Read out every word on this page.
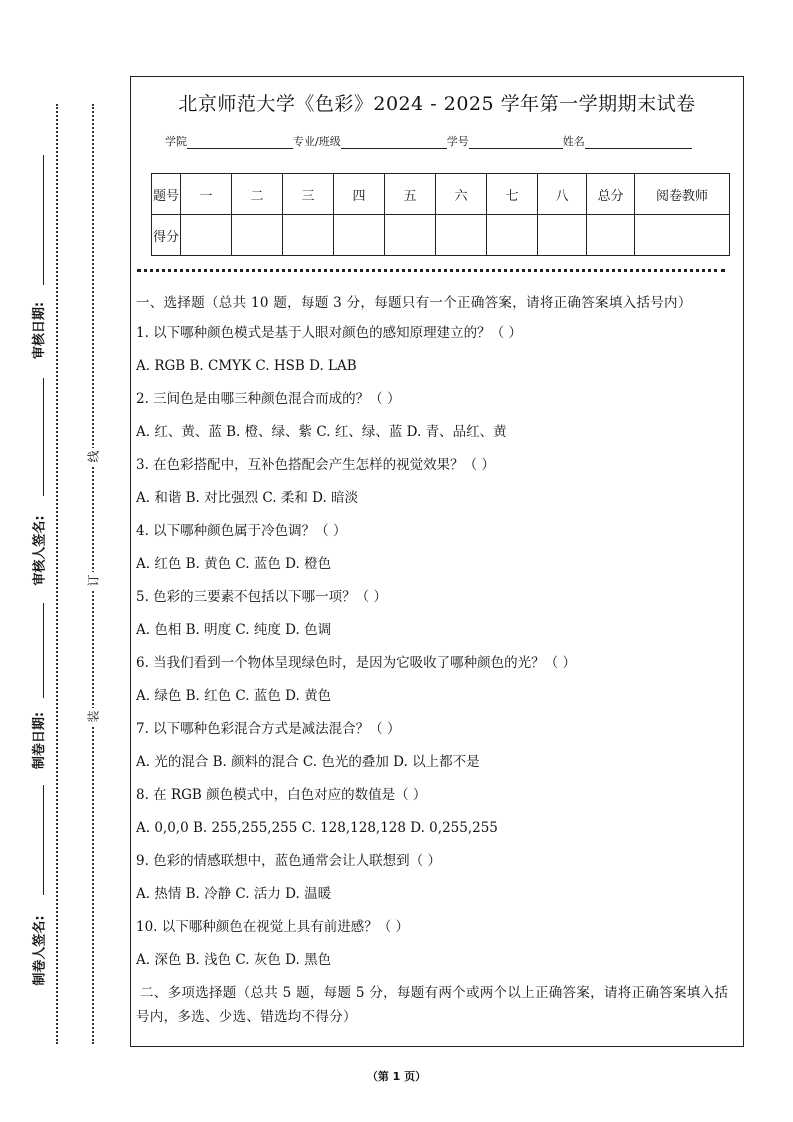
审核日期:
审核人签名:
制卷日期:
制卷人签名:
线
订
装
北京师范大学《色彩》2024 - 2025 学年第一学期期末试卷
学院	专业/班级	学号	姓名
题号	一	二	三	四	五	六	七	八	总分	阅卷教师
得分										

一、选择题（总共 10 题，每题 3 分，每题只有一个正确答案，请将正确答案填入括号内）

1. 以下哪种颜色模式是基于人眼对颜色的感知原理建立的？（ ）

A. RGB B. CMYK C. HSB D. LAB

2. 三间色是由哪三种颜色混合而成的？（ ）

A. 红、黄、蓝 B. 橙、绿、紫 C. 红、绿、蓝 D. 青、品红、黄

3. 在色彩搭配中，互补色搭配会产生怎样的视觉效果？（ ）

A. 和谐 B. 对比强烈 C. 柔和 D. 暗淡

4. 以下哪种颜色属于冷色调？（ ）

A. 红色 B. 黄色 C. 蓝色 D. 橙色

5. 色彩的三要素不包括以下哪一项？（ ）

A. 色相 B. 明度 C. 纯度 D. 色调

6. 当我们看到一个物体呈现绿色时，是因为它吸收了哪种颜色的光？（ ）

A. 绿色 B. 红色 C. 蓝色 D. 黄色

7. 以下哪种色彩混合方式是减法混合？（ ）

A. 光的混合 B. 颜料的混合 C. 色光的叠加 D. 以上都不是

8. 在 RGB 颜色模式中，白色对应的数值是（ ）

A. 0,0,0 B. 255,255,255 C. 128,128,128 D. 0,255,255

9. 色彩的情感联想中，蓝色通常会让人联想到（ ）

A. 热情 B. 冷静 C. 活力 D. 温暖

10. 以下哪种颜色在视觉上具有前进感？（ ）

A. 深色 B. 浅色 C. 灰色 D. 黑色

二、多项选择题（总共 5 题，每题 5 分，每题有两个或两个以上正确答案，请将正确答案填入括号内，多选、少选、错选均不得分）

（第 1 页）
